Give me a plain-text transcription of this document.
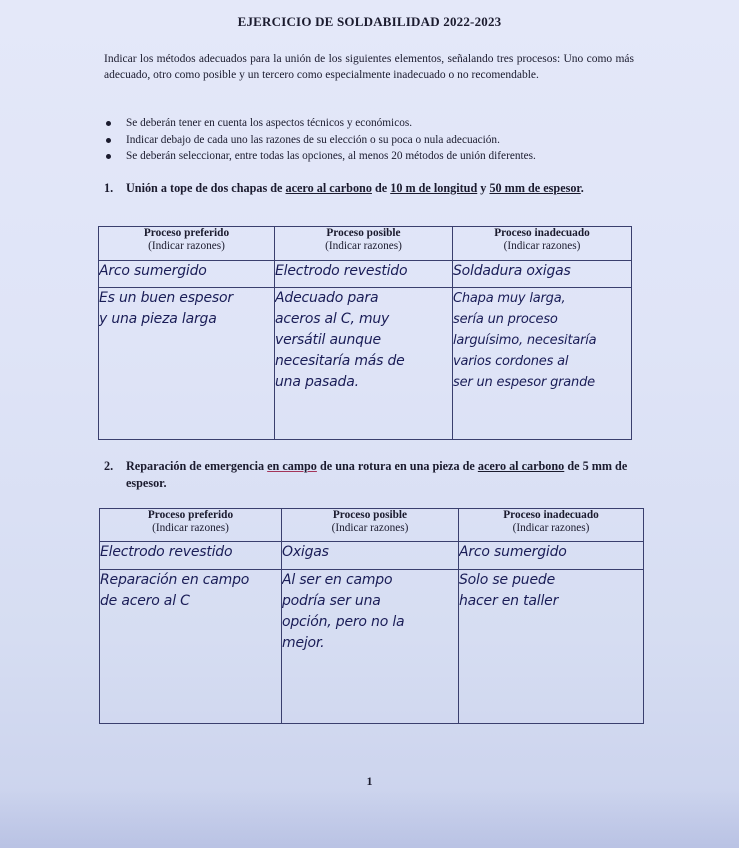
EJERCICIO DE SOLDABILIDAD 2022-2023
Indicar los métodos adecuados para la unión de los siguientes elementos, señalando tres procesos: Uno como más adecuado, otro como posible y un tercero como especialmente inadecuado o no recomendable.
Se deberán tener en cuenta los aspectos técnicos y económicos.
Indicar debajo de cada uno las razones de su elección o su poca o nula adecuación.
Se deberán seleccionar, entre todas las opciones, al menos 20 métodos de unión diferentes.
1.	Unión a tope de dos chapas de acero al carbono de 10 m de longitud y 50 mm de espesor.
Proceso preferido
(Indicar razones)	Proceso posible
(Indicar razones)	Proceso inadecuado
(Indicar razones)
Arco sumergido	Electrodo revestido	Soldadura oxigas

Es un buen espesor
y una pieza larga	Adecuado para
aceros al C, muy
versátil aunque
necesitaría más de
una pasada.	Chapa muy larga,
sería un proceso
larguísimo, necesitaría
varios cordones al
ser un espesor grande
2.	Reparación de emergencia en campo de una rotura en una pieza de acero al carbono de 5 mm de espesor.
Proceso preferido
(Indicar razones)	Proceso posible
(Indicar razones)	Proceso inadecuado
(Indicar razones)
Electrodo revestido	Oxigas	Arco sumergido

Reparación en campo
de acero al C	Al ser en campo
podría ser una
opción, pero no la
mejor.	Solo se puede
hacer en taller
1
